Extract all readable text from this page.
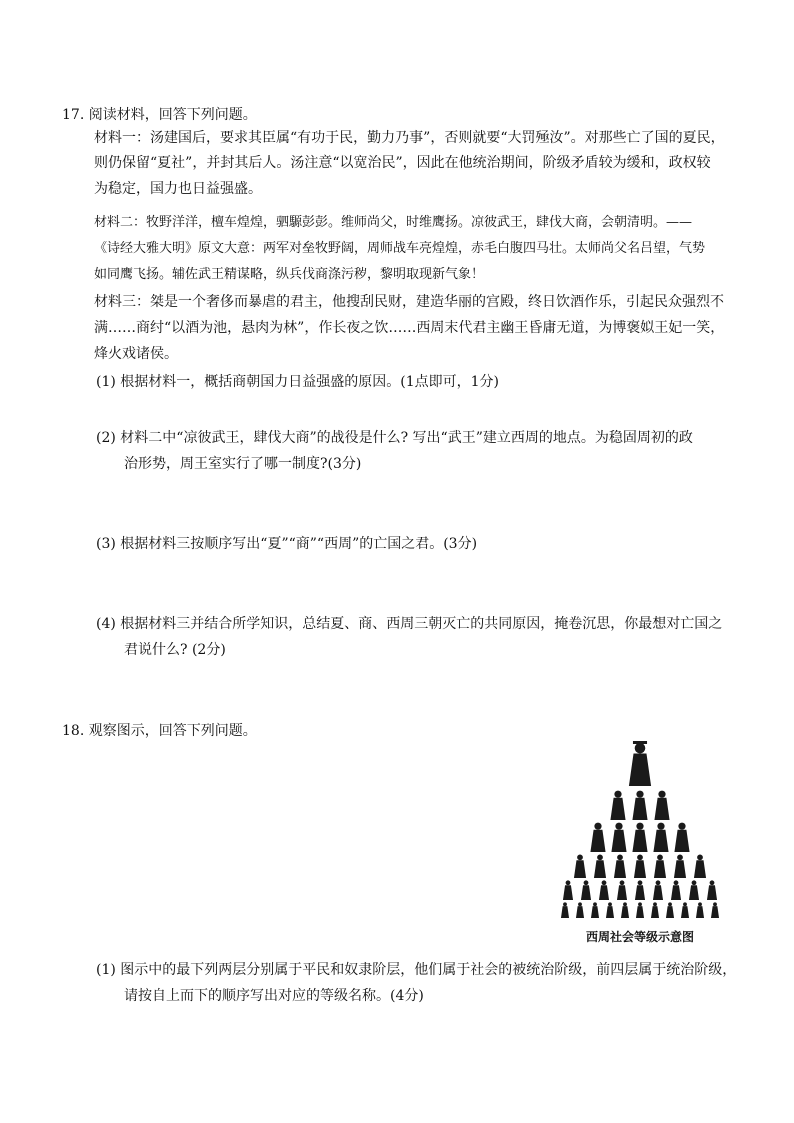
17. 阅读材料，回答下列问题。
材料一：汤建国后，要求其臣属“有功于民，勤力乃事”，否则就要“大罚殛汝”。对那些亡了国的夏民，
则仍保留“夏社”，并封其后人。汤注意“以宽治民”，因此在他统治期间，阶级矛盾较为缓和，政权较
为稳定，国力也日益强盛。
材料二：牧野洋洋，檀车煌煌，驷騵彭彭。维师尚父，时维鹰扬。凉彼武王，肆伐大商，会朝清明。——
《诗经大雅大明》原文大意：两军对垒牧野阔，周师战车亮煌煌，赤毛白腹四马壮。太师尚父名吕望，气势
如同鹰飞扬。辅佐武王精谋略，纵兵伐商涤污秽，黎明取现新气象！
材料三：桀是一个奢侈而暴虐的君主，他搜刮民财，建造华丽的宫殿，终日饮酒作乐，引起民众强烈不
满……商纣“以酒为池，悬肉为林”，作长夜之饮……西周末代君主幽王昏庸无道，为博褒姒王妃一笑，
烽火戏诸侯。
(1) 根据材料一，概括商朝国力日益强盛的原因。(1点即可，1分)
(2) 材料二中“凉彼武王，肆伐大商”的战役是什么? 写出“武王”建立西周的地点。为稳固周初的政
治形势，周王室实行了哪一制度?(3分)
(3) 根据材料三按顺序写出“夏”“商”“西周”的亡国之君。(3分)
(4) 根据材料三并结合所学知识，总结夏、商、西周三朝灭亡的共同原因，掩卷沉思，你最想对亡国之
君说什么? (2分)
18. 观察图示，回答下列问题。
西周社会等级示意图
(1) 图示中的最下列两层分别属于平民和奴隶阶层，他们属于社会的被统治阶级，前四层属于统治阶级，
请按自上而下的顺序写出对应的等级名称。(4分)
